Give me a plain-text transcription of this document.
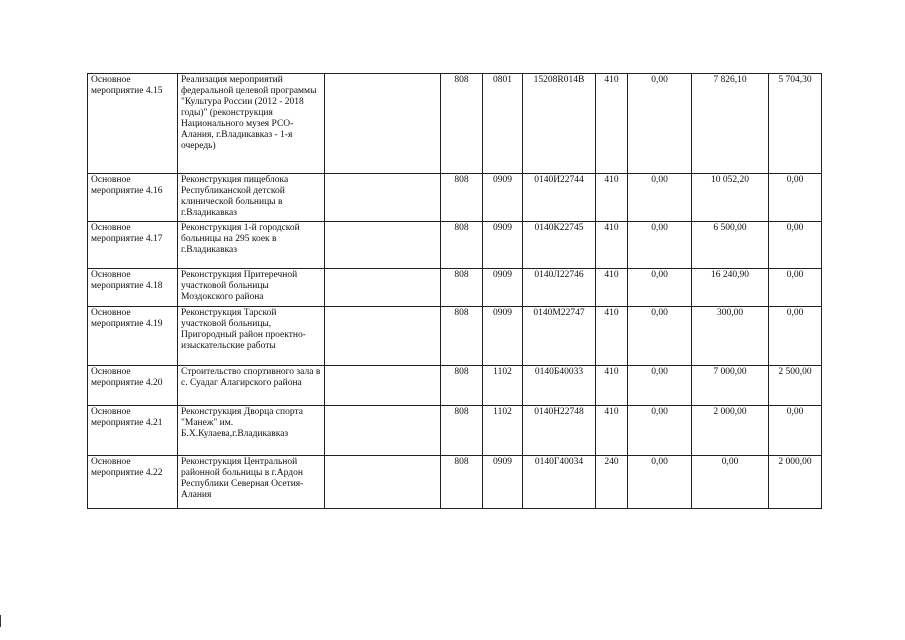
Основное мероприятие 4.15	Реализация мероприятий федеральной целевой программы "Культура России (2012 - 2018 годы)" (реконструкция Национального музея РСО-Алания, г.Владикавказ - 1-я очередь)		808	0801	15208R014В	410	0,00	7 826,10	5 704,30
Основное мероприятие 4.16	Реконструкция пищеблока Республиканской детской клинической больницы в г.Владикавказ		808	0909	0140И22744	410	0,00	10 052,20	0,00
Основное мероприятие 4.17	Реконструкция 1-й городской больницы на 295 коек в г.Владикавказ		808	0909	0140К22745	410	0,00	6 500,00	0,00
Основное мероприятие 4.18	Реконструкция Притеречной участковой больницы Моздокского района		808	0909	0140Л22746	410	0,00	16 240,90	0,00
Основное мероприятие 4.19	Реконструкция Тарской участковой больницы, Пригородный район проектно-изыскательские работы		808	0909	0140М22747	410	0,00	300,00	0,00
Основное мероприятие 4.20	Строительство спортивного зала в с. Суадаг Алагирского района		808	1102	0140Б40033	410	0,00	7 000,00	2 500,00
Основное мероприятие 4.21	Реконструкция Дворца спорта "Манеж" им. Б.Х.Кулаева,г.Владикавказ		808	1102	0140Н22748	410	0,00	2 000,00	0,00
Основное мероприятие 4.22	Реконструкция Центральной районной больницы в г.Ардон Республики Северная Осетия-Алания		808	0909	0140Г40034	240	0,00	0,00	2 000,00
